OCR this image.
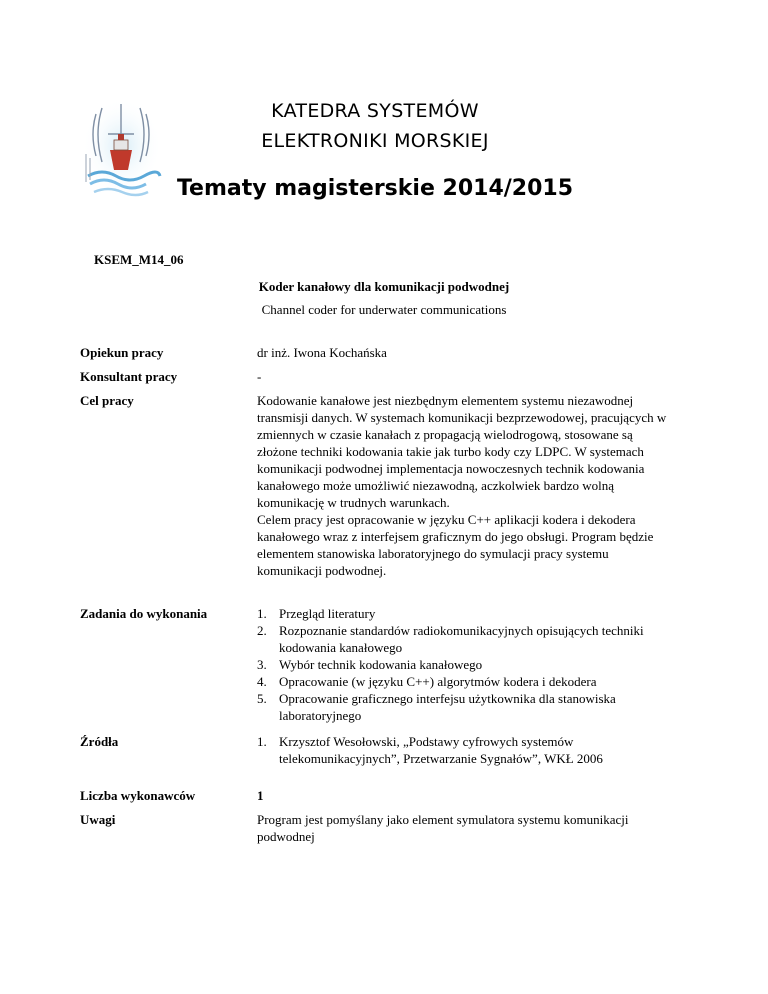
KATEDRA SYSTEMÓW
ELEKTRONIKI MORSKIEJ
Tematy magisterskie 2014/2015
KSEM_M14_06
Koder kanałowy dla komunikacji podwodnej
Channel coder for underwater communications
Opiekun pracy	dr inż. Iwona Kochańska
Konsultant pracy	-
Cel pracy	Kodowanie kanałowe jest niezbędnym elementem systemu niezawodnej transmisji danych. W systemach komunikacji bezprzewodowej, pracujących w zmiennych w czasie kanałach z propagacją wielodrogową, stosowane są złożone techniki kodowania takie jak turbo kody czy LDPC. W systemach komunikacji podwodnej implementacja nowoczesnych technik kodowania kanałowego może umożliwić niezawodną, aczkolwiek bardzo wolną komunikację w trudnych warunkach.
Celem pracy jest opracowanie w języku C++ aplikacji kodera i dekodera kanałowego wraz z interfejsem graficznym do jego obsługi. Program będzie elementem stanowiska laboratoryjnego do symulacji pracy systemu komunikacji podwodnej.
Zadania do wykonania	1. Przegląd literatury
2. Rozpoznanie standardów radiokomunikacyjnych opisujących techniki kodowania kanałowego
3. Wybór technik kodowania kanałowego
4. Opracowanie (w języku C++) algorytmów kodera i dekodera
5. Opracowanie graficznego interfejsu użytkownika dla stanowiska laboratoryjnego
Źródła	1. Krzysztof Wesołowski, „Podstawy cyfrowych systemów telekomunikacyjnych”, Przetwarzanie Sygnałów”, WKŁ 2006
Liczba wykonawców	1
Uwagi	Program jest pomyślany jako element symulatora systemu komunikacji podwodnej
